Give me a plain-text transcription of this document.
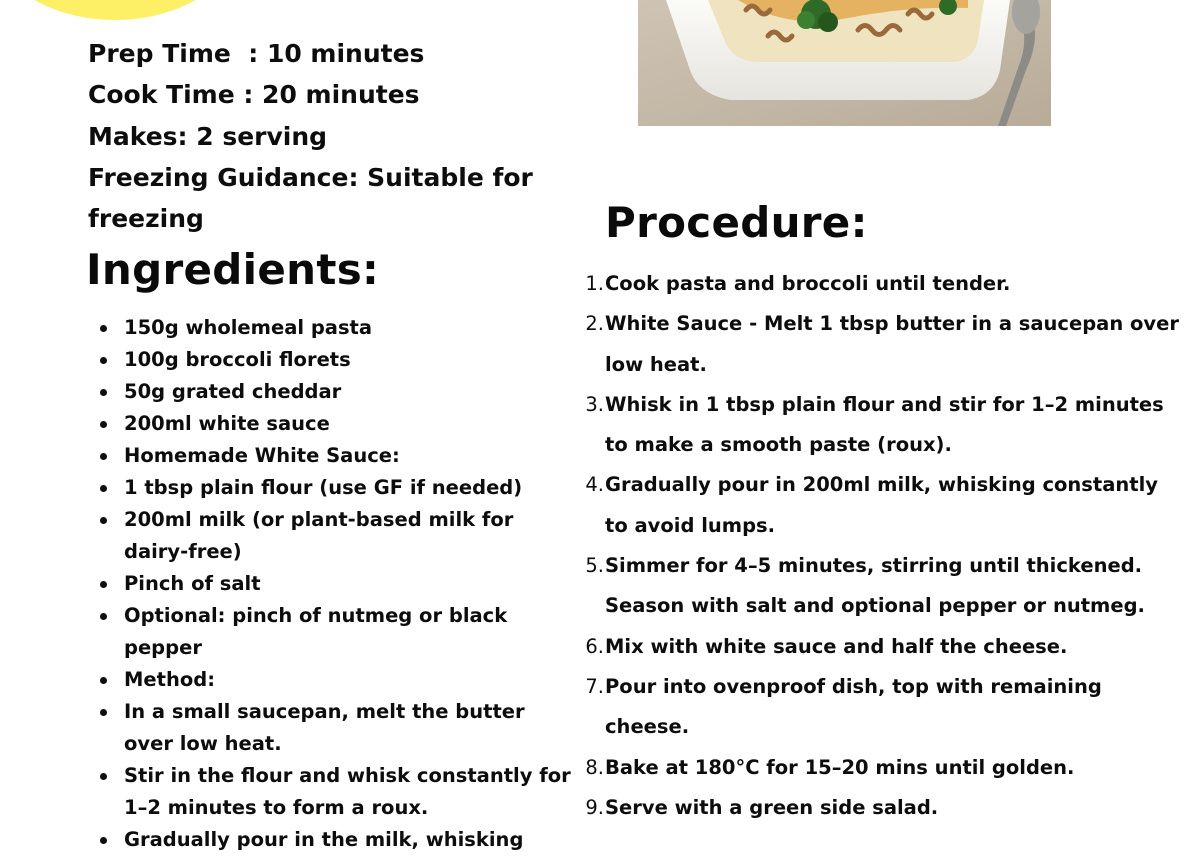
Prep Time  : 10 minutes
Cook Time : 20 minutes
Makes: 2 serving
Freezing Guidance: Suitable for freezing
Ingredients:
150g wholemeal pasta
100g broccoli florets
50g grated cheddar
200ml white sauce
Homemade White Sauce:
1 tbsp plain flour (use GF if needed)
200ml milk (or plant-based milk for dairy-free)
Pinch of salt
Optional: pinch of nutmeg or black pepper
Method:
In a small saucepan, melt the butter over low heat.
Stir in the flour and whisk constantly for 1–2 minutes to form a roux.
Gradually pour in the milk, whisking
Procedure:
1. Cook pasta and broccoli until tender.
2. White Sauce - Melt 1 tbsp butter in a saucepan over low heat.
3. Whisk in 1 tbsp plain flour and stir for 1–2 minutes to make a smooth paste (roux).
4. Gradually pour in 200ml milk, whisking constantly to avoid lumps.
5. Simmer for 4–5 minutes, stirring until thickened. Season with salt and optional pepper or nutmeg.
6. Mix with white sauce and half the cheese.
7. Pour into ovenproof dish, top with remaining cheese.
8. Bake at 180°C for 15–20 mins until golden.
9. Serve with a green side salad.
